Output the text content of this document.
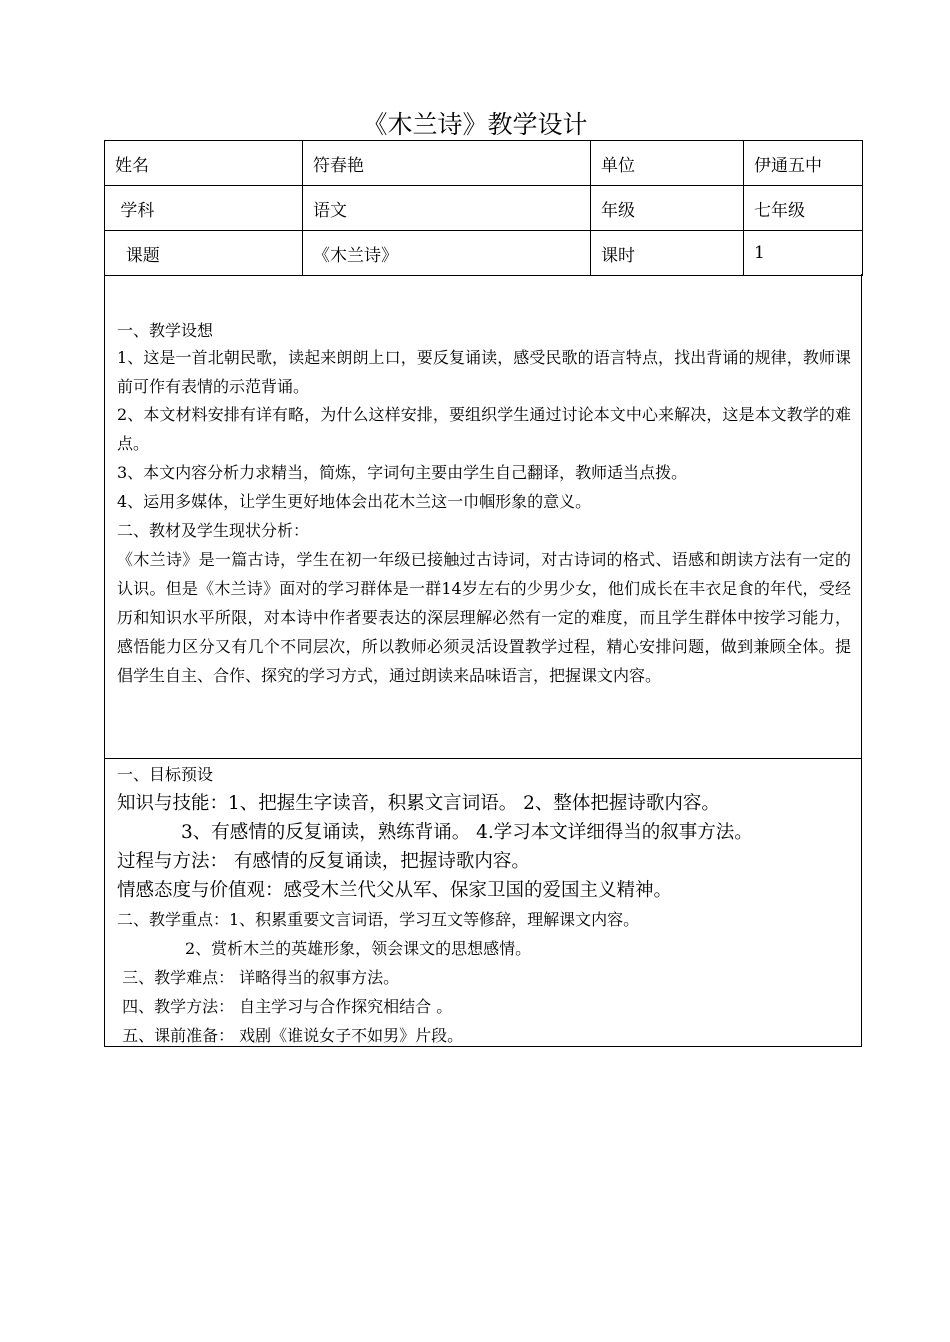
《木兰诗》教学设计
姓名	符春艳	单位	伊通五中
学科	语文	年级	七年级
课题	《木兰诗》	课时	1
一、教学设想
1、这是一首北朝民歌，读起来朗朗上口，要反复诵读，感受民歌的语言特点，找出背诵的规律，教师课前可作有表情的示范背诵。
2、本文材料安排有详有略，为什么这样安排，要组织学生通过讨论本文中心来解决，这是本文教学的难点。
3、本文内容分析力求精当，简炼，字词句主要由学生自己翻译，教师适当点拨。
4、运用多媒体，让学生更好地体会出花木兰这一巾帼形象的意义。
二、教材及学生现状分析：
《木兰诗》是一篇古诗，学生在初一年级已接触过古诗词，对古诗词的格式、语感和朗读方法有一定的认识。但是《木兰诗》面对的学习群体是一群14岁左右的少男少女，他们成长在丰衣足食的年代，受经历和知识水平所限，对本诗中作者要表达的深层理解必然有一定的难度，而且学生群体中按学习能力，感悟能力区分又有几个不同层次，所以教师必须灵活设置教学过程，精心安排问题，做到兼顾全体。提倡学生自主、合作、探究的学习方式，通过朗读来品味语言，把握课文内容。
一、目标预设
知识与技能：1、把握生字读音，积累文言词语。 2、整体把握诗歌内容。
3、有感情的反复诵读，熟练背诵。 4.学习本文详细得当的叙事方法。
过程与方法： 有感情的反复诵读，把握诗歌内容。
情感态度与价值观：感受木兰代父从军、保家卫国的爱国主义精神。
二、教学重点：1、积累重要文言词语，学习互文等修辞，理解课文内容。
2、赏析木兰的英雄形象，领会课文的思想感情。
三、教学难点： 详略得当的叙事方法。
四、教学方法： 自主学习与合作探究相结合 。
五、课前准备： 戏剧《谁说女子不如男》片段。
